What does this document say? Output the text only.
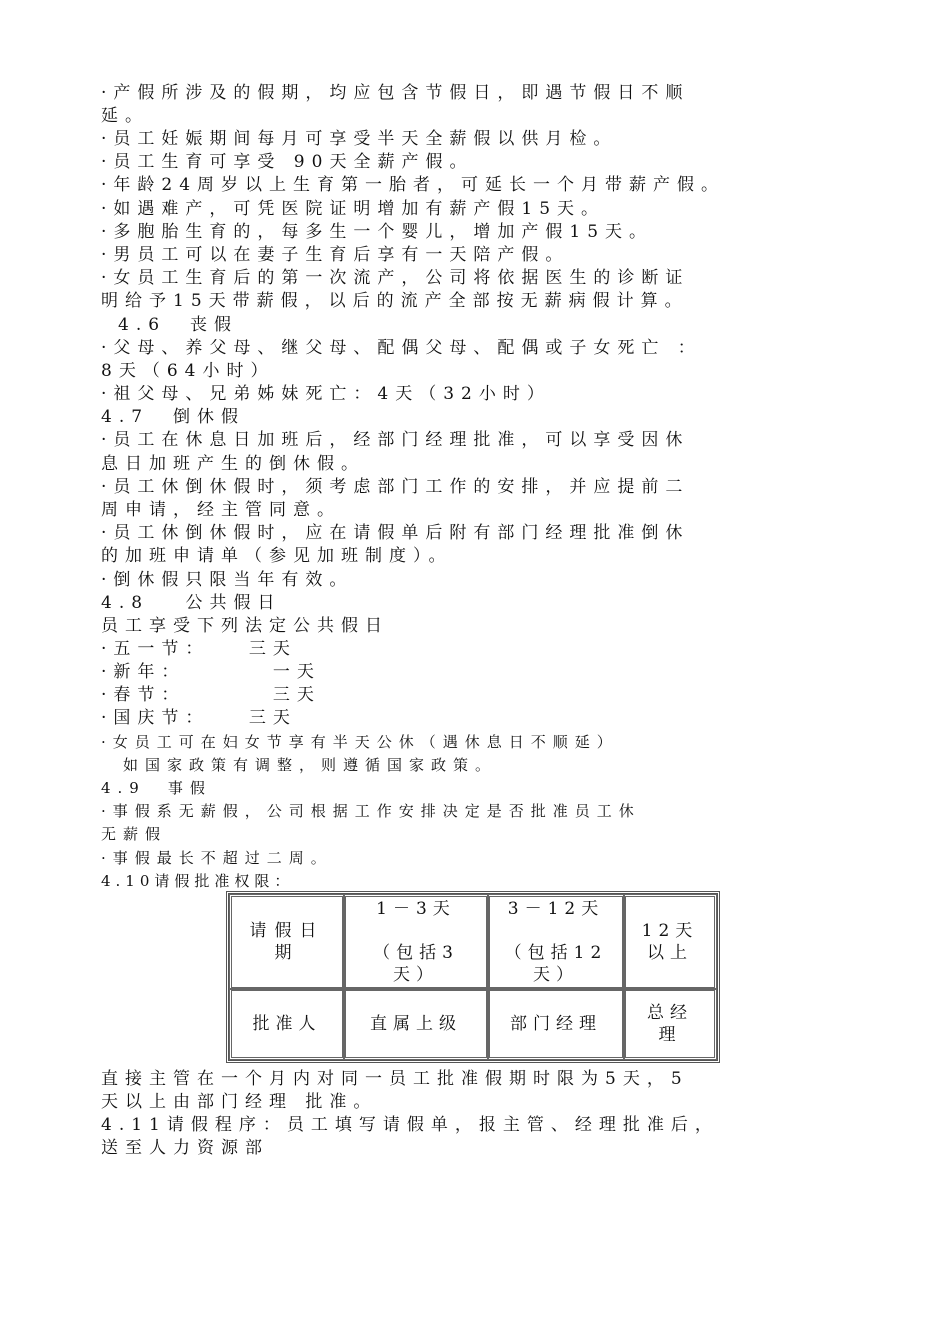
·产假所涉及的假期，均应包含节假日，即遇节假日不顺
延。
·员工妊娠期间每月可享受半天全薪假以供月检。
·员工生育可享受 90天全薪产假。
·年龄24周岁以上生育第一胎者，可延长一个月带薪产假。
·如遇难产，可凭医院证明增加有薪产假15天。
·多胞胎生育的，每多生一个婴儿，增加产假15天。
·男员工可以在妻子生育后享有一天陪产假。
·女员工生育后的第一次流产，公司将依据医生的诊断证
明给予15天带薪假，以后的流产全部按无薪病假计算。
4.6　丧假
·父母、养父母、继父母、配偶父母、配偶或子女死亡 ：
8天（64小时）
·祖父母、兄弟姊妹死亡：4天（32小时）
4.7　倒休假
·员工在休息日加班后，经部门经理批准，可以享受因休
息日加班产生的倒休假。
·员工休倒休假时，须考虑部门工作的安排，并应提前二
周申请，经主管同意。
·员工休倒休假时，应在请假单后附有部门经理批准倒休
的加班申请单（参见加班制度）。
·倒休假只限当年有效。
4.8　 公共假日
员工享受下列法定公共假日
·五一节：　　三天
·新年：　　　　一天
·春节：　　　　三天
·国庆节：　　三天
·女员工可在妇女节享有半天公休（遇休息日不顺延）
　如国家政策有调整，则遵循国家政策。
4.9　事假
·事假系无薪假，公司根据工作安排决定是否批准员工休
无薪假
·事假最长不超过二周。
4.10请假批准权限：
请假日期
1－3天
（包括3天）
3－12天
（包括12天）
12天以上
批准人	直属上级	部门经理
总经理
直接主管在一个月内对同一员工批准假期时限为5天，5
天以上由部门经理 批准。
4.11请假程序：员工填写请假单，报主管、经理批准后，
送至人力资源部
